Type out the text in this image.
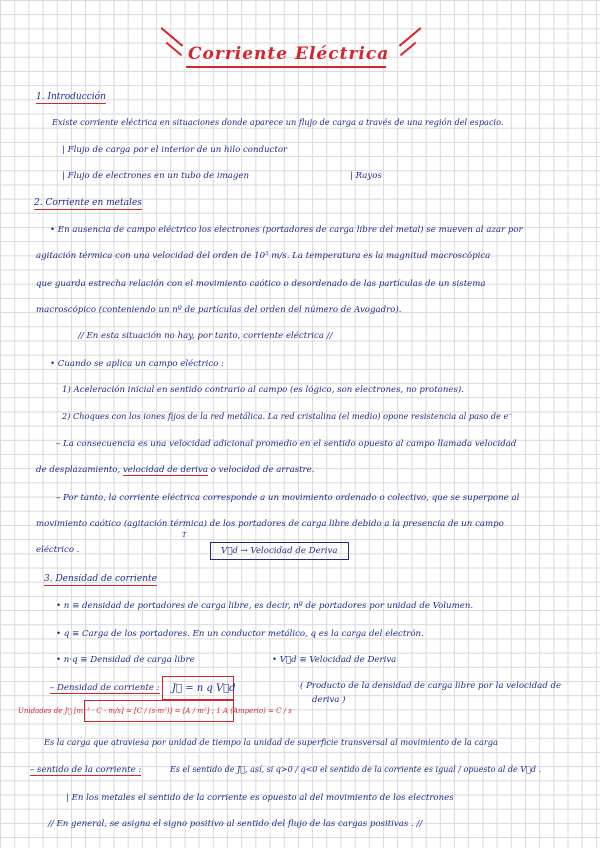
Corriente Eléctrica
1. Introducción
Existe corriente eléctrica en situaciones donde aparece un flujo de carga a través de una región del espacio.
| Flujo de carga por el interior de un hilo conductor
| Flujo de electrones en un tubo de imagen	| Rayos
2. Corriente en metales
• En ausencia de campo eléctrico los electrones (portadores de carga libre del metal) se mueven al azar por
agitación térmica con una velocidad del orden de 10⁵ m/s. La temperatura es la magnitud macroscópica
que guarda estrecha relación con el movimiento caótico o desordenado de las partículas de un sistema
macroscópico (conteniendo un nº de partículas del orden del número de Avogadro).
// En esta situación no hay, por tanto, corriente eléctrica //
• Cuando se aplica un campo eléctrico :
1) Aceleración inicial en sentido contrario al campo (es lógico, son electrones, no protones).
2) Choques con los iones fijos de la red metálica. La red cristalina (el medio) opone resistencia al paso de e⁻
– La consecuencia es una velocidad adicional promedio en el sentido opuesto al campo llamada velocidad
de desplazamiento, velocidad de deriva o velocidad de arrastre.
– Por tanto, la corriente eléctrica corresponde a un movimiento ordenado o colectivo, que se superpone al
movimiento caótico (agitación térmica) de los portadores de carga libre debido a la presencia de un campo
T
eléctrico .	V⃗d → Velocidad de Deriva
3. Densidad de corriente
• n ≡ densidad de portadores de carga libre, es decir, nº de portadores por unidad de Volumen.
• q ≡ Carga de los portadores. En un conductor metálico, q es la carga del electrón.
• n·q ≡ Densidad de carga libre	• V⃗d ≡ Velocidad de Deriva
– Densidad de corriente : J⃗ = n q V⃗d	( Producto de la densidad de carga libre por la velocidad de
deriva )
Unidades de J⃗ [m⁻³ · C · m/s] = [C / (s·m²)] = [A / m²] ; 1 A (Amperio) = C / s
Es la carga que atraviesa por unidad de tiempo la unidad de superficie transversal al movimiento de la carga
– sentido de la corriente :	Es el sentido de J⃗, así, si q>0 / q<0 el sentido de la corriente es igual / opuesto al de V⃗d .
| En los metales el sentido de la corriente es opuesto al del movimiento de los electrones
// En general, se asigna el signo positivo al sentido del flujo de las cargas positivas . //
